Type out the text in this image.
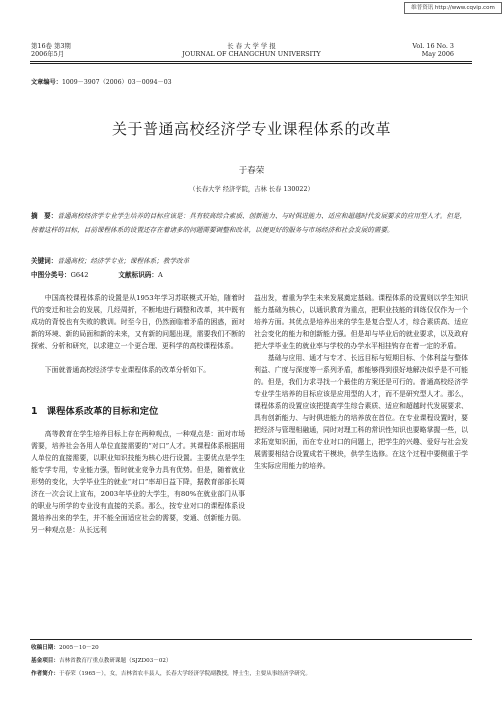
维普资讯 http://www.cqvip.com
第16卷 第3期
2006年5月
长 春 大 学 学 报
JOURNAL OF CHANGCHUN UNIVERSITY
Vol. 16 No. 3
May 2006
文章编号：1009－3907（2006）03－0094－03
关于普通高校经济学专业课程体系的改革
于春荣
（长春大学 经济学院，吉林 长春 130022）
摘　要：普通高校经济学专业学生培养的目标应该是：具有较高综合素质、创新能力、与时俱进能力、适应和超越时代发展要求的应用型人才。但是，按着这样的目标，目前课程体系的设置还存在着诸多的问题需要调整和改革，以便更好的服务与市场经济和社会发展的需要。
关键词：普通高校；经济学专业；课程体系；教学改革
中图分类号：G642	文献标识码：A

中国高校课程体系的设置是从1953年学习苏联模式开始，随着时代的变迁和社会的发展，几经周折，不断地进行调整和改革，其中既有成功的背悦也有失败的教训。时至今日，仍然面临着矛盾的困惑，面对新的环境、新的局面和新的未来，又有新的问题出现，需要我们不断的探索、分析和研究，以求建立一个更合理、更科学的高校课程体系。

下面就普通高校经济学专业课程体系的改革分析如下。

1　课程体系改革的目标和定位

高等教育在学生培养目标上存在两种观点，一种观点是：面对市场需要，培养社会各用人单位直接需要的“对口”人才。其课程体系根据用人单位的直接需要，以职业知识技能为核心进行设置。主要优点是学生能专学专用，专业能力强，暂时就业竞争力具有优势。但是，随着就业形势的变化，大学毕业生的就业“对口”率却日益下降，据教育部部长周济在一次会议上宣布，2003年毕业的大学生，有80%在就业部门从事的职业与所学的专业没有直接的关系。那么，按专业对口的课程体系设置培养出来的学生，并不能全面适应社会的需要，变通、创新能力弱。另一种观点是：从长远利

益出发，着重为学生未来发展奠定基础。课程体系的设置则以学生知识能力基础为核心，以通识教育为重点，把职业技能的训练仅仅作为一个培养方面。其优点是培养出来的学生是复合型人才，综合素质高、适应社会变化的能力和创新能力强。但是却与毕业后的就业要求，以及政府把大学毕业生的就业率与学校的办学水平相挂钩存在着一定的矛盾。

基础与应用、通才与专才、长远目标与短期目标、个体利益与整体利益、广度与深度等一系列矛盾，都能够得到很好地解决似乎是不可能的。但是，我们力求寻找一个最佳的方案还是可行的。普通高校经济学专业学生培养的目标应该是应用型的人才，而不是研究型人才。那么，课程体系的设置应该把提高学生综合素质、适应和超越时代发展要求、具有创新能力、与时俱进能力的培养放在首位。在专业课程设置时，要把经济与管理相融通，同时对理工科的常识性知识也要略掌握一些，以求拓宽知识面，而在专业对口的问题上，把学生的兴趣、爱好与社会发展需要相结合设置成若干模块，供学生选修。在这个过程中要侧重于学生实际应用能力的培养。

收稿日期：2005－10－20
基金项目：吉林省教育厅重点教研课题（SJZD03－02）
作者简介：于春荣（1965－），女，吉林省农丰县人，长春大学经济学院副教授，博士生，主要从事经济学研究。
